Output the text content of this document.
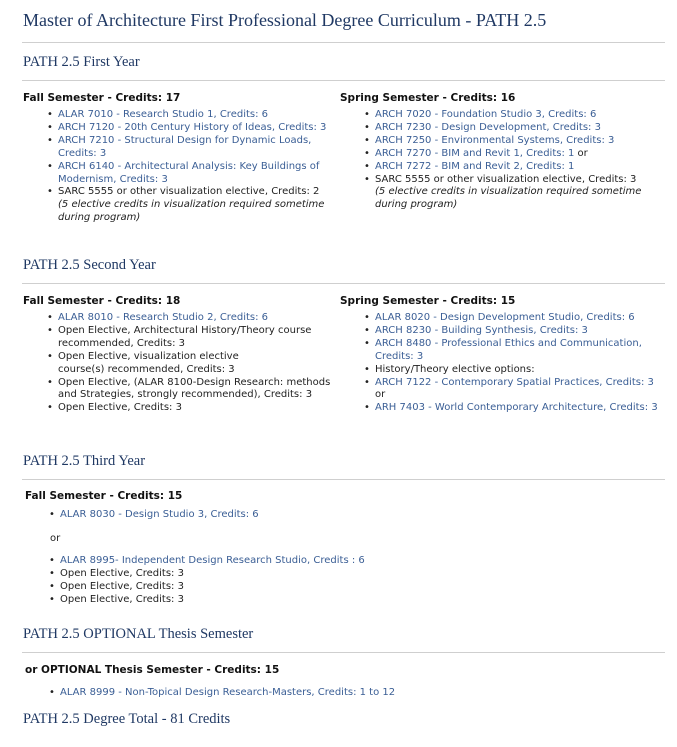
Master of Architecture First Professional Degree Curriculum - PATH 2.5
PATH 2.5 First Year
Fall Semester - Credits: 17
• ALAR 7010 - Research Studio 1, Credits: 6
• ARCH 7120 - 20th Century History of Ideas, Credits: 3
• ARCH 7210 - Structural Design for Dynamic Loads, Credits: 3
• ARCH 6140 - Architectural Analysis: Key Buildings of Modernism, Credits: 3
• SARC 5555 or other visualization elective, Credits: 2
(5 elective credits in visualization required sometime during program)
Spring Semester - Credits: 16
• ARCH 7020 - Foundation Studio 3, Credits: 6
• ARCH 7230 - Design Development, Credits: 3
• ARCH 7250 - Environmental Systems, Credits: 3
• ARCH 7270 - BIM and Revit 1, Credits: 1 or
• ARCH 7272 - BIM and Revit 2, Credits: 1
• SARC 5555 or other visualization elective, Credits: 3
(5 elective credits in visualization required sometime during program)
PATH 2.5 Second Year
Fall Semester - Credits: 18
• ALAR 8010 - Research Studio 2, Credits: 6
• Open Elective, Architectural History/Theory course recommended, Credits: 3
• Open Elective, visualization elective course(s) recommended, Credits: 3
• Open Elective, (ALAR 8100-Design Research: methods and Strategies, strongly recommended), Credits: 3
• Open Elective, Credits: 3
Spring Semester - Credits: 15
• ALAR 8020 - Design Development Studio, Credits: 6
• ARCH 8230 - Building Synthesis, Credits: 3
• ARCH 8480 - Professional Ethics and Communication, Credits: 3
• History/Theory elective options:
• ARCH 7122 - Contemporary Spatial Practices, Credits: 3
or
• ARH 7403 - World Contemporary Architecture, Credits: 3
PATH 2.5 Third Year
Fall Semester - Credits: 15
• ALAR 8030 - Design Studio 3, Credits: 6
or
• ALAR 8995- Independent Design Research Studio, Credits : 6
• Open Elective, Credits: 3
• Open Elective, Credits: 3
• Open Elective, Credits: 3
PATH 2.5 OPTIONAL Thesis Semester
or OPTIONAL Thesis Semester - Credits: 15
• ALAR 8999 - Non-Topical Design Research-Masters, Credits: 1 to 12
PATH 2.5 Degree Total - 81 Credits
